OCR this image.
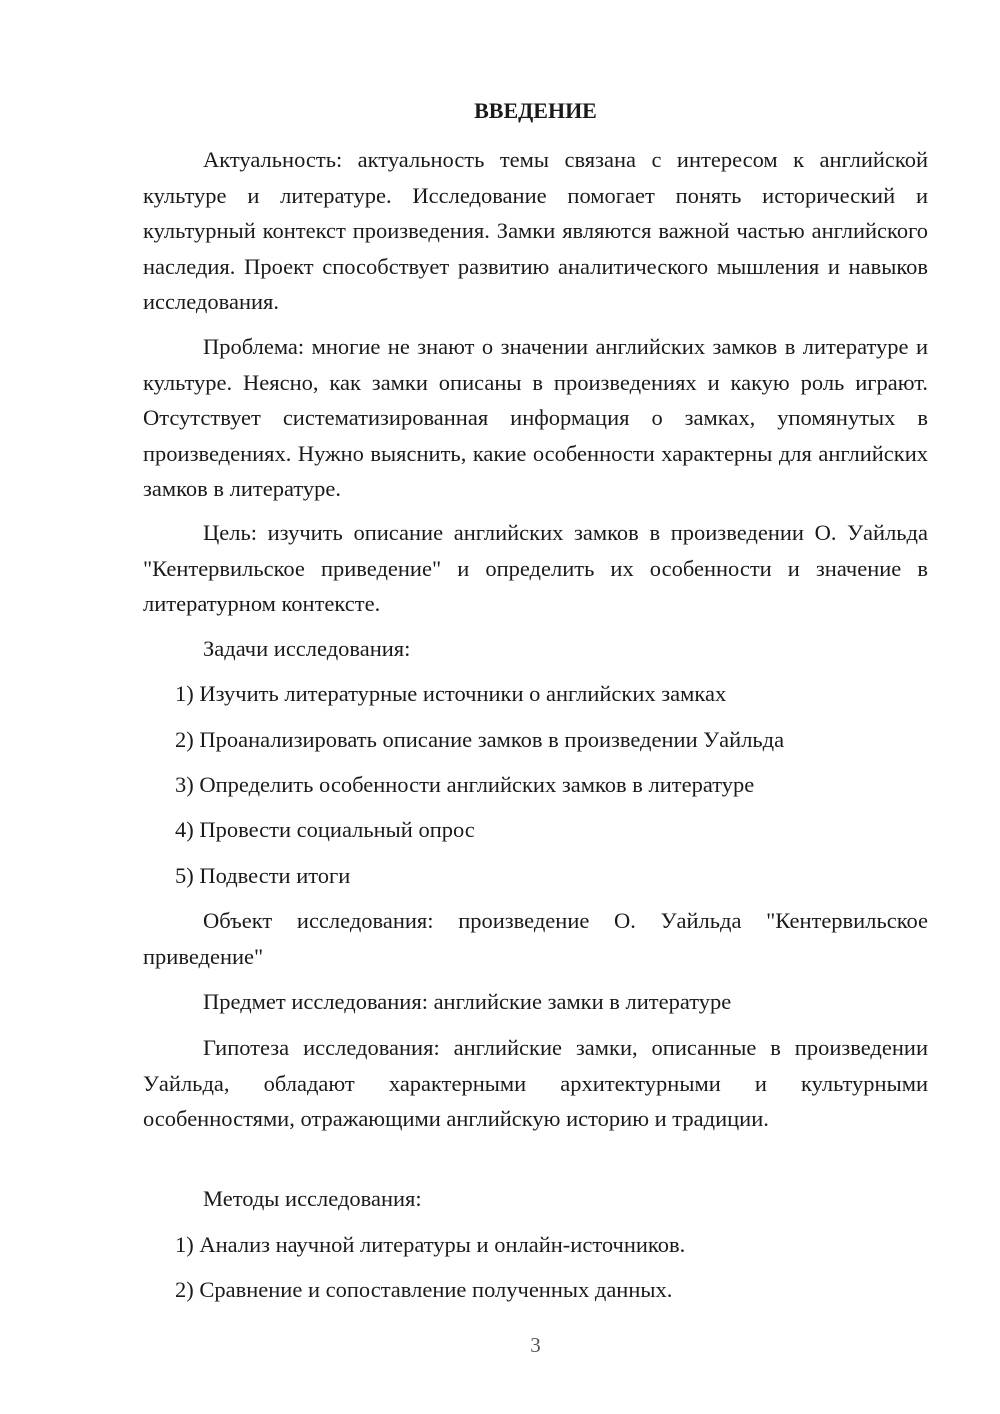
ВВЕДЕНИЕ

Актуальность: актуальность темы связана с интересом к английской культуре и литературе. Исследование помогает понять исторический и культурный контекст произведения. Замки являются важной частью английского наследия. Проект способствует развитию аналитического мышления и навыков исследования.

Проблема: многие не знают о значении английских замков в литературе и культуре. Неясно, как замки описаны в произведениях и какую роль играют. Отсутствует систематизированная информация о замках, упомянутых в произведениях. Нужно выяснить, какие особенности характерны для английских замков в литературе.

Цель: изучить описание английских замков в произведении О. Уайльда "Кентервильское приведение" и определить их особенности и значение в литературном контексте.

Задачи исследования:

1) Изучить литературные источники о английских замках

2) Проанализировать описание замков в произведении Уайльда

3) Определить особенности английских замков в литературе

4) Провести социальный опрос

5) Подвести итоги

Объект исследования: произведение О. Уайльда "Кентервильское приведение"

Предмет исследования: английские замки в литературе

Гипотеза исследования: английские замки, описанные в произведении Уайльда, обладают характерными архитектурными и культурными особенностями, отражающими английскую историю и традиции.

Методы исследования:

1) Анализ научной литературы и онлайн-источников.

2) Сравнение и сопоставление полученных данных.

3
